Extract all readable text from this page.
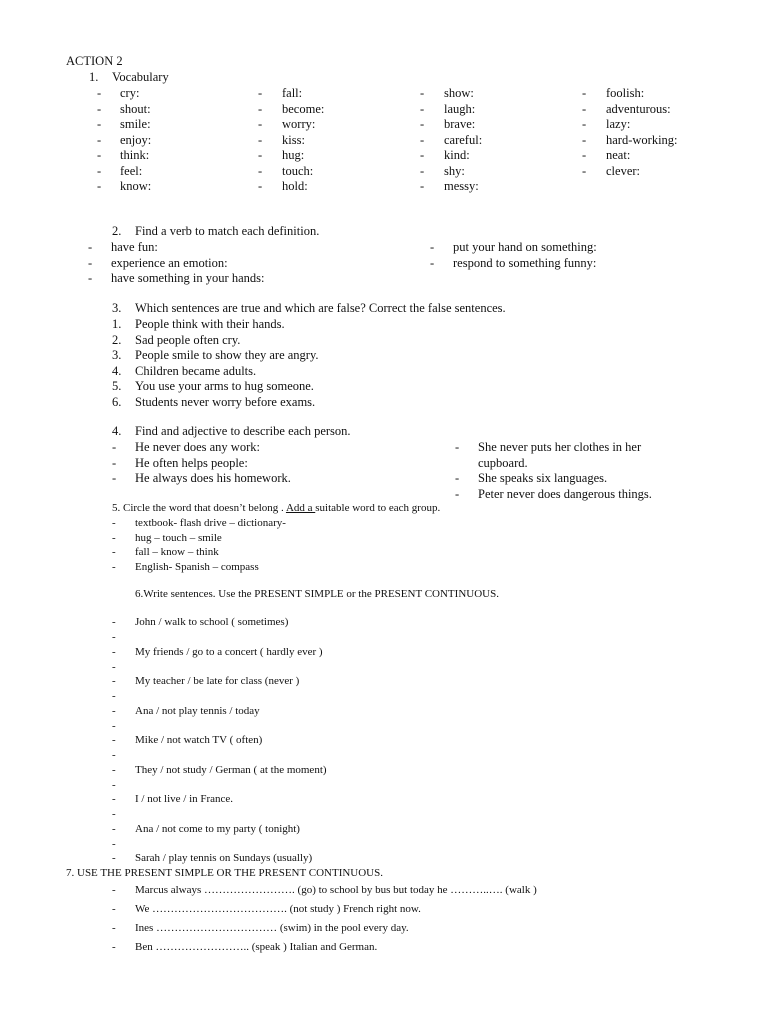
ACTION 2
1. Vocabulary
2. Find a verb to match each definition.
3. Which sentences are true and which are false? Correct the false sentences.
4. Find and adjective to describe each person.
5. Circle the word that doesn’t belong . Add a suitable word to each group.
6.Write sentences. Use the PRESENT SIMPLE or the PRESENT CONTINUOUS.
7. USE THE PRESENT SIMPLE OR THE PRESENT CONTINUOUS.
- cry:
- shout:
- smile:
- enjoy:
- think:
- feel:
- know:
- fall:
- become:
- worry:
- kiss:
- hug:
- touch:
- hold:
- show:
- laugh:
- brave:
- careful:
- kind:
- shy:
- messy:
- foolish:
- adventurous:
- lazy:
- hard-working:
- neat:
- clever:
- have fun:
- experience an emotion:
- have something in your hands:
- put your hand on something:
- respond to something funny:
1. People think with their hands.
2. Sad people often cry.
3. People smile to show they are angry.
4. Children became adults.
5. You use your arms to hug someone.
6. Students never worry before exams.
- He never does any work:
- He often helps people:
- He always does his homework.
- She never puts her clothes in her
cupboard.
- She speaks six languages.
- Peter never does dangerous things.
- textbook- flash drive – dictionary-
- hug – touch – smile
- fall – know – think
- English- Spanish – compass
- John / walk to school ( sometimes)
-
- My friends / go to a concert ( hardly ever )
-
- My teacher / be late for class (never )
-
- Ana / not play tennis / today
-
- Mike / not watch TV ( often)
-
- They / not study / German ( at the moment)
-
- I / not live / in France.
-
- Ana / not come to my party ( tonight)
-
- Sarah / play tennis on Sundays (usually)
- Marcus always ……………………. (go) to school by bus but today he ………..…. (walk )
- We ………………………………. (not study ) French right now.
- Ines …………………………… (swim) in the pool every day.
- Ben …………………….. (speak ) Italian and German.
